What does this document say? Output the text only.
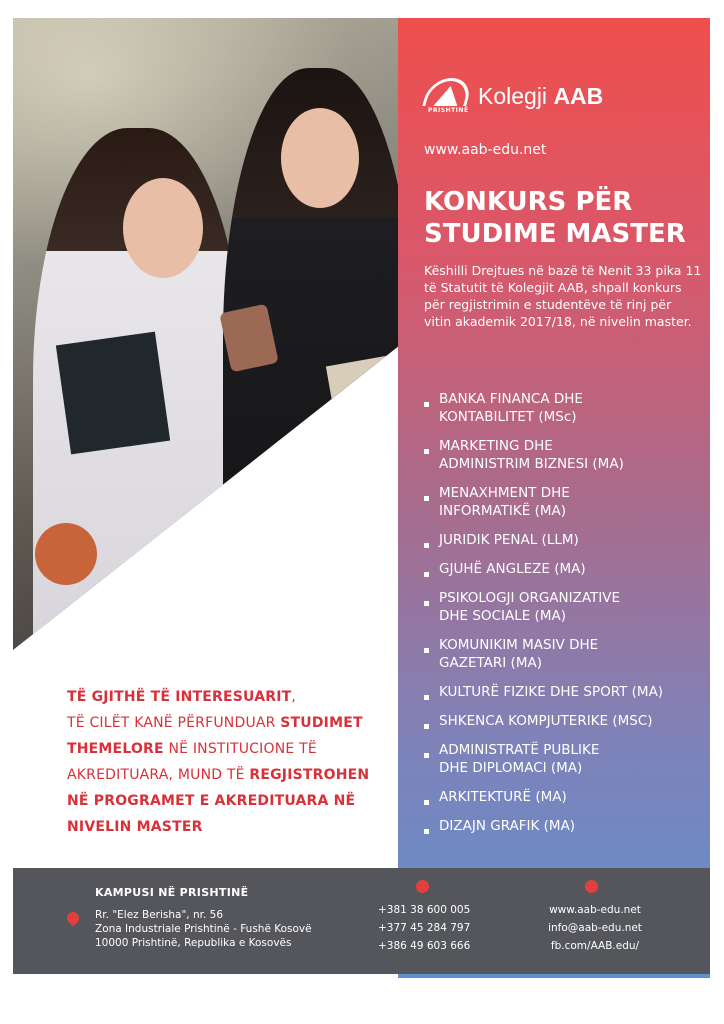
PRISHTINË
Kolegji AAB
www.aab-edu.net
KONKURS PËR
STUDIME MASTER

Këshilli Drejtues në bazë të Nenit 33 pika 11 të Statutit të Kolegjit AAB, shpall konkurs për regjistrimin e studentëve të rinj për vitin akademik 2017/18, në nivelin master.

BANKA FINANCA DHE
KONTABILITET (MSc)
MARKETING DHE
ADMINISTRIM BIZNESI (MA)
MENAXHMENT DHE
INFORMATIKË (MA)
JURIDIK PENAL (LLM)
GJUHË ANGLEZE (MA)
PSIKOLOGJI ORGANIZATIVE
DHE SOCIALE (MA)
KOMUNIKIM MASIV DHE
GAZETARI (MA)
KULTURË FIZIKE DHE SPORT (MA)
SHKENCA KOMPJUTERIKE (MSC)
ADMINISTRATË PUBLIKE
DHE DIPLOMACI (MA)
ARKITEKTURË (MA)
DIZAJN GRAFIK (MA)

TË GJITHË TË INTERESUARIT,
TË CILËT KANË PËRFUNDUAR STUDIMET THEMELORE NË INSTITUCIONE TË AKREDITUARA, MUND TË REGJISTROHEN NË PROGRAMET E AKREDITUARA NË NIVELIN MASTER

KAMPUSI NË PRISHTINË
Rr. "Elez Berisha", nr. 56
Zona Industriale Prishtinë - Fushë Kosovë
10000 Prishtinë, Republika e Kosovës
+381 38 600 005
+377 45 284 797
+386 49 603 666
www.aab-edu.net
info@aab-edu.net
fb.com/AAB.edu/
